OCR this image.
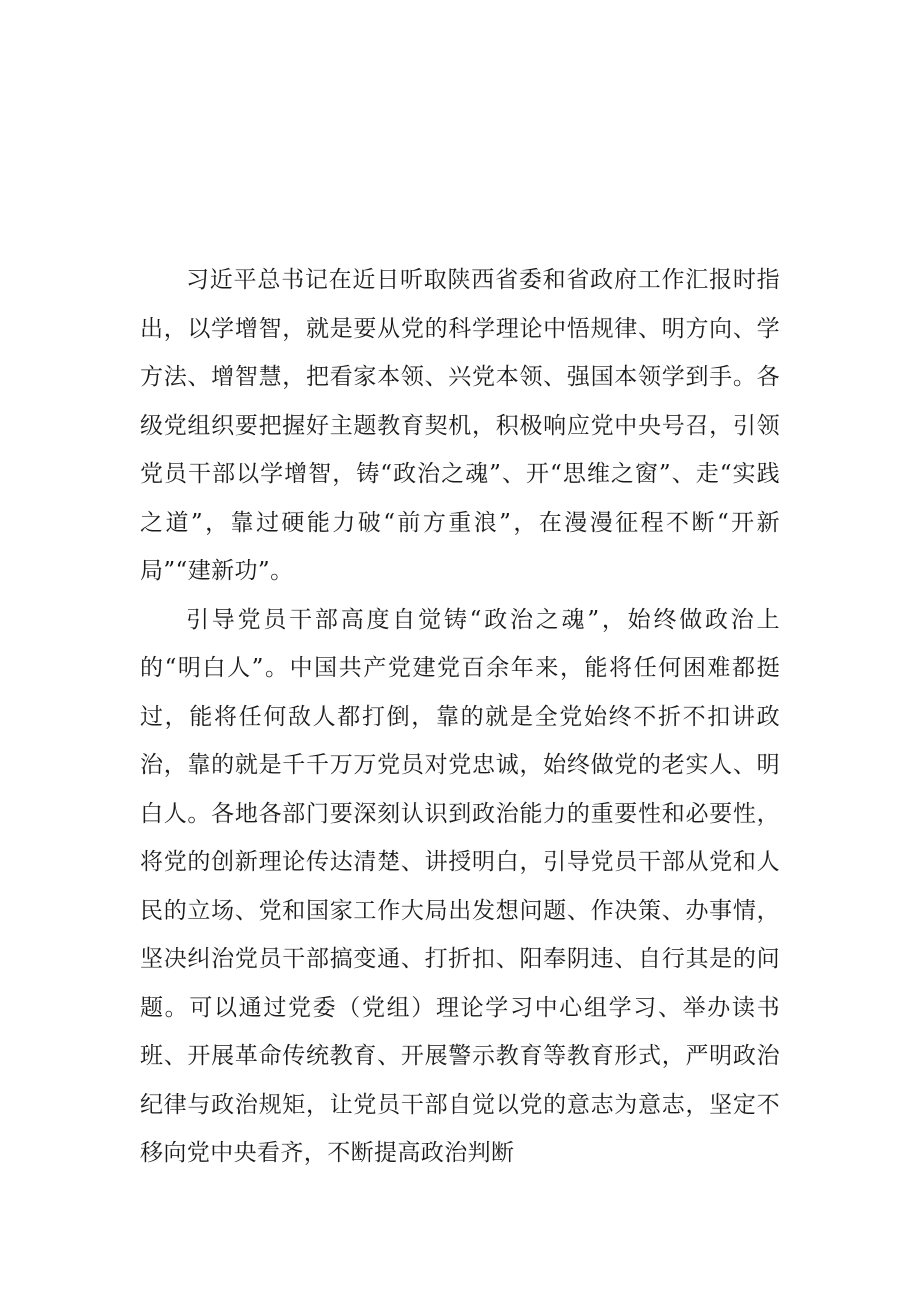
习近平总书记在近日听取陕西省委和省政府工作汇报时指出，以学增智，就是要从党的科学理论中悟规律、明方向、学方法、增智慧，把看家本领、兴党本领、强国本领学到手。各级党组织要把握好主题教育契机，积极响应党中央号召，引领党员干部以学增智，铸“政治之魂”、开“思维之窗”、走“实践之道”，靠过硬能力破“前方重浪”，在漫漫征程不断“开新局”“建新功”。

引导党员干部高度自觉铸“政治之魂”，始终做政治上的“明白人”。中国共产党建党百余年来，能将任何困难都挺过，能将任何敌人都打倒，靠的就是全党始终不折不扣讲政治，靠的就是千千万万党员对党忠诚，始终做党的老实人、明白人。各地各部门要深刻认识到政治能力的重要性和必要性，将党的创新理论传达清楚、讲授明白，引导党员干部从党和人民的立场、党和国家工作大局出发想问题、作决策、办事情，坚决纠治党员干部搞变通、打折扣、阳奉阴违、自行其是的问题。可以通过党委（党组）理论学习中心组学习、举办读书班、开展革命传统教育、开展警示教育等教育形式，严明政治纪律与政治规矩，让党员干部自觉以党的意志为意志，坚定不移向党中央看齐，不断提高政治判断
